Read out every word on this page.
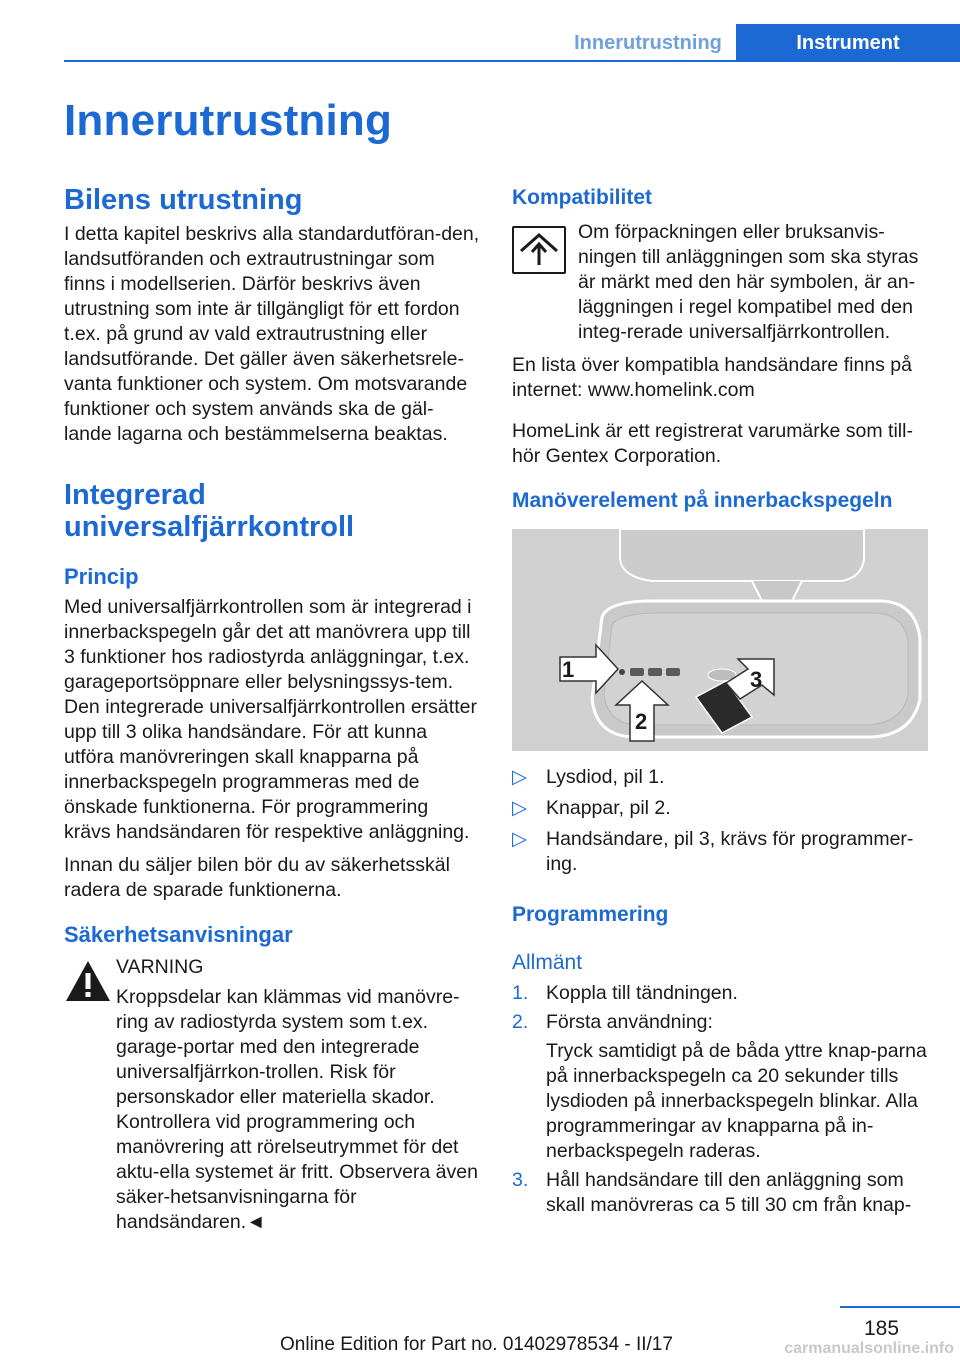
Innerutrustning	Instrument
Innerutrustning
Bilens utrustning

I detta kapitel beskrivs alla standardutföran-den, landsutföranden och extrautrustningar som finns i modellserien. Därför beskrivs även utrustning som inte är tillgängligt för ett fordon t.ex. på grund av vald extrautrustning eller landsutförande. Det gäller även säkerhetsrele-vanta funktioner och system. Om motsvarande funktioner och system används ska de gäl-lande lagarna och bestämmelserna beaktas.

Integrerad universalfjärrkontroll
Princip

Med universalfjärrkontrollen som är integrerad i innerbackspegeln går det att manövrera upp till 3 funktioner hos radiostyrda anläggningar, t.ex. garageportsöppnare eller belysningssys-tem. Den integrerade universalfjärrkontrollen ersätter upp till 3 olika handsändare. För att kunna utföra manövreringen skall knapparna på innerbackspegeln programmeras med de önskade funktionerna. För programmering krävs handsändaren för respektive anläggning.

Innan du säljer bilen bör du av säkerhetsskäl radera de sparade funktionerna.

Säkerhetsanvisningar

VARNING

Kroppsdelar kan klämmas vid manövre-ring av radiostyrda system som t.ex. garage-portar med den integrerade universalfjärrkon-trollen. Risk för personskador eller materiella skador. Kontrollera vid programmering och manövrering att rörelseutrymmet för det aktu-ella systemet är fritt. Observera även säker-hetsanvisningarna för handsändaren.◄

Kompatibilitet

Om förpackningen eller bruksanvis-ningen till anläggningen som ska styras är märkt med den här symbolen, är an-läggningen i regel kompatibel med den integ-rerade universalfjärrkontrollen.

En lista över kompatibla handsändare finns på internet: www.homelink.com

HomeLink är ett registrerat varumärke som till-hör Gentex Corporation.

Manöverelement på innerbackspegeln
1
2
3
▷ Lysdiod, pil 1.
▷ Knappar, pil 2.
▷ Handsändare, pil 3, krävs för programmer-ing.
Programmering
Allmänt
1. Koppla till tändningen.
2. Första användning:
Tryck samtidigt på de båda yttre knap-parna på innerbackspegeln ca 20 sekunder tills lysdioden på innerbackspegeln blinkar. Alla programmeringar av knapparna på in-nerbackspegeln raderas.
3. Håll handsändare till den anläggning som skall manövreras ca 5 till 30 cm från knap-
185
Online Edition for Part no. 01402978534 - II/17	carmanualsonline.info
